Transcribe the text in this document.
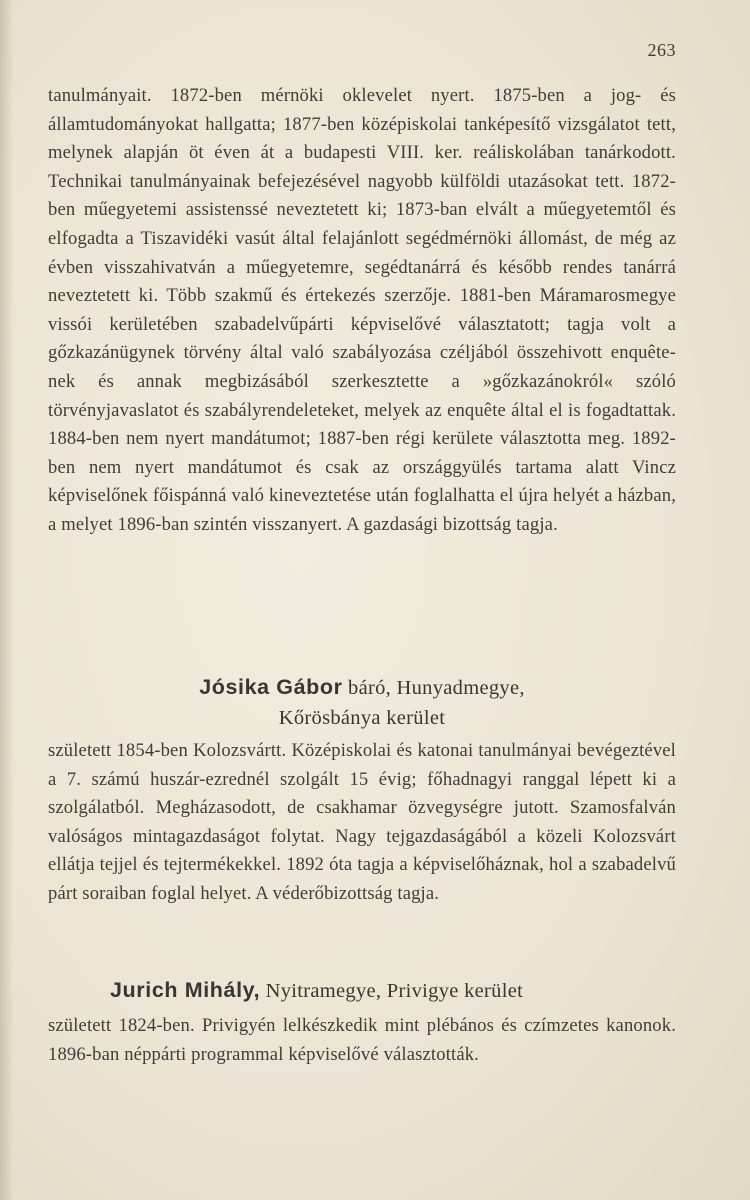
263

tanulmányait. 1872-ben mérnöki oklevelet nyert. 1875-ben a jog- és államtudományokat hallgatta; 1877-ben középiskolai tanképesítő vizsgálatot tett, melynek alapján öt éven át a budapesti VIII. ker. reáliskolában tanárkodott. Technikai tanulmányainak befejezésével nagyobb külföldi utazásokat tett. 1872-ben műegyetemi assistenssé neveztetett ki; 1873-ban elvált a műegyetemtől és elfogadta a Tiszavidéki vasút által felajánlott segédmérnöki állomást, de még az évben visszahivatván a műegyetemre, segédtanárrá és később rendes tanárrá neveztetett ki. Több szakmű és értekezés szerzője. 1881-ben Máramarosmegye vissói kerületében szabadelvűpárti képviselővé választatott; tagja volt a gőzkazánügynek törvény által való szabályozása czéljából összehivott enquête-nek és annak megbizásából szerkesztette a »gőzkazánokról« szóló törvényjavaslatot és szabályrendeleteket, melyek az enquête által el is fogadtattak. 1884-ben nem nyert mandátumot; 1887-ben régi kerülete választotta meg. 1892-ben nem nyert mandátumot és csak az országgyülés tartama alatt Vincz képviselőnek főispánná való kineveztetése után foglalhatta el újra helyét a házban, a melyet 1896-ban szintén visszanyert. A gazdasági bizottság tagja.

Jósika Gábor báró, Hunyadmegye,
Kőrösbánya kerület

született 1854-ben Kolozsvártt. Középiskolai és katonai tanulmányai bevégeztével a 7. számú huszár-ezrednél szolgált 15 évig; főhadnagyi ranggal lépett ki a szolgálatból. Megházasodott, de csakhamar özvegységre jutott. Szamosfalván valóságos mintagazdaságot folytat. Nagy tejgazdaságából a közeli Kolozsvárt ellátja tejjel és tejtermékekkel. 1892 óta tagja a képviselőháznak, hol a szabadelvű párt soraiban foglal helyet. A véderőbizottság tagja.

Jurich Mihály, Nyitramegye, Privigye kerület

született 1824-ben. Privigyén lelkészkedik mint plébános és czímzetes kanonok. 1896-ban néppárti programmal képviselővé választották.
